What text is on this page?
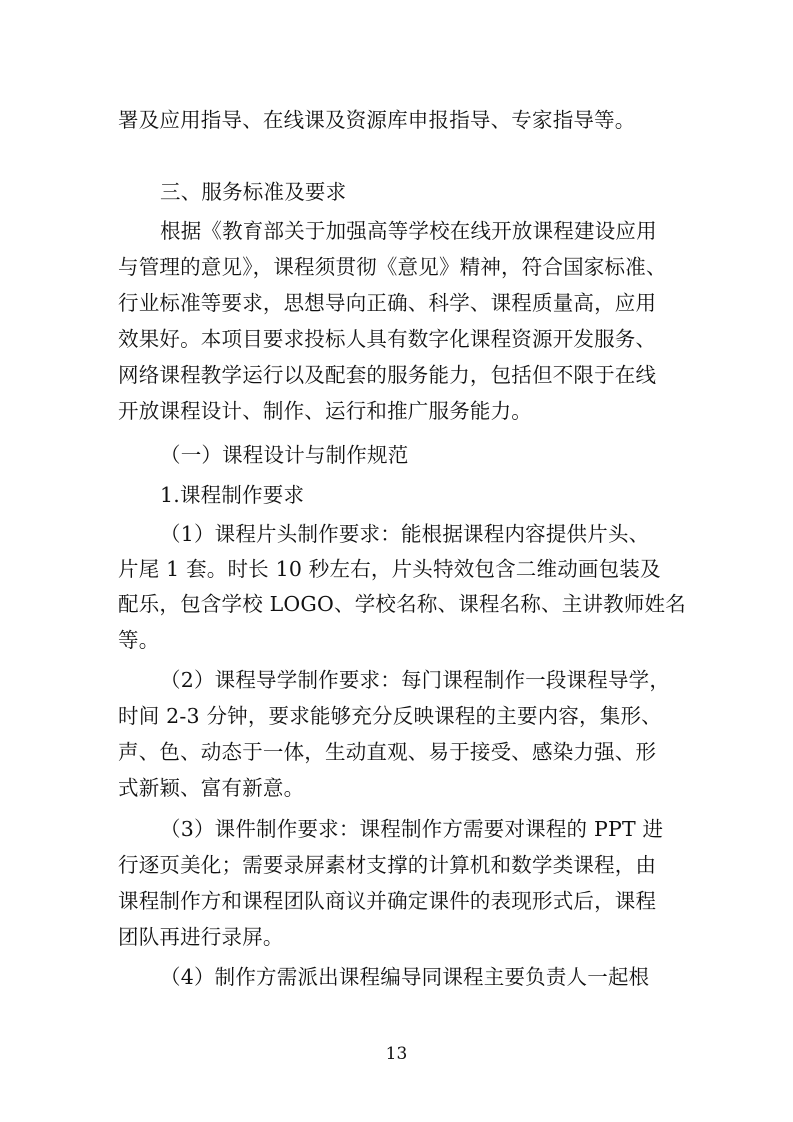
署及应用指导、在线课及资源库申报指导、专家指导等。
三、服务标准及要求
根据《教育部关于加强高等学校在线开放课程建设应用
与管理的意见》，课程须贯彻《意见》精神，符合国家标准、
行业标准等要求，思想导向正确、科学、课程质量高，应用
效果好。本项目要求投标人具有数字化课程资源开发服务、
网络课程教学运行以及配套的服务能力，包括但不限于在线
开放课程设计、制作、运行和推广服务能力。
（一）课程设计与制作规范
1.课程制作要求
（1）课程片头制作要求：能根据课程内容提供片头、
片尾 1 套。时长 10 秒左右，片头特效包含二维动画包装及
配乐，包含学校 LOGO、学校名称、课程名称、主讲教师姓名
等。
（2）课程导学制作要求：每门课程制作一段课程导学，
时间 2-3 分钟，要求能够充分反映课程的主要内容，集形、
声、色、动态于一体，生动直观、易于接受、感染力强、形
式新颖、富有新意。
（3）课件制作要求：课程制作方需要对课程的 PPT 进
行逐页美化；需要录屏素材支撑的计算机和数学类课程，由
课程制作方和课程团队商议并确定课件的表现形式后，课程
团队再进行录屏。
（4）制作方需派出课程编导同课程主要负责人一起根
13
